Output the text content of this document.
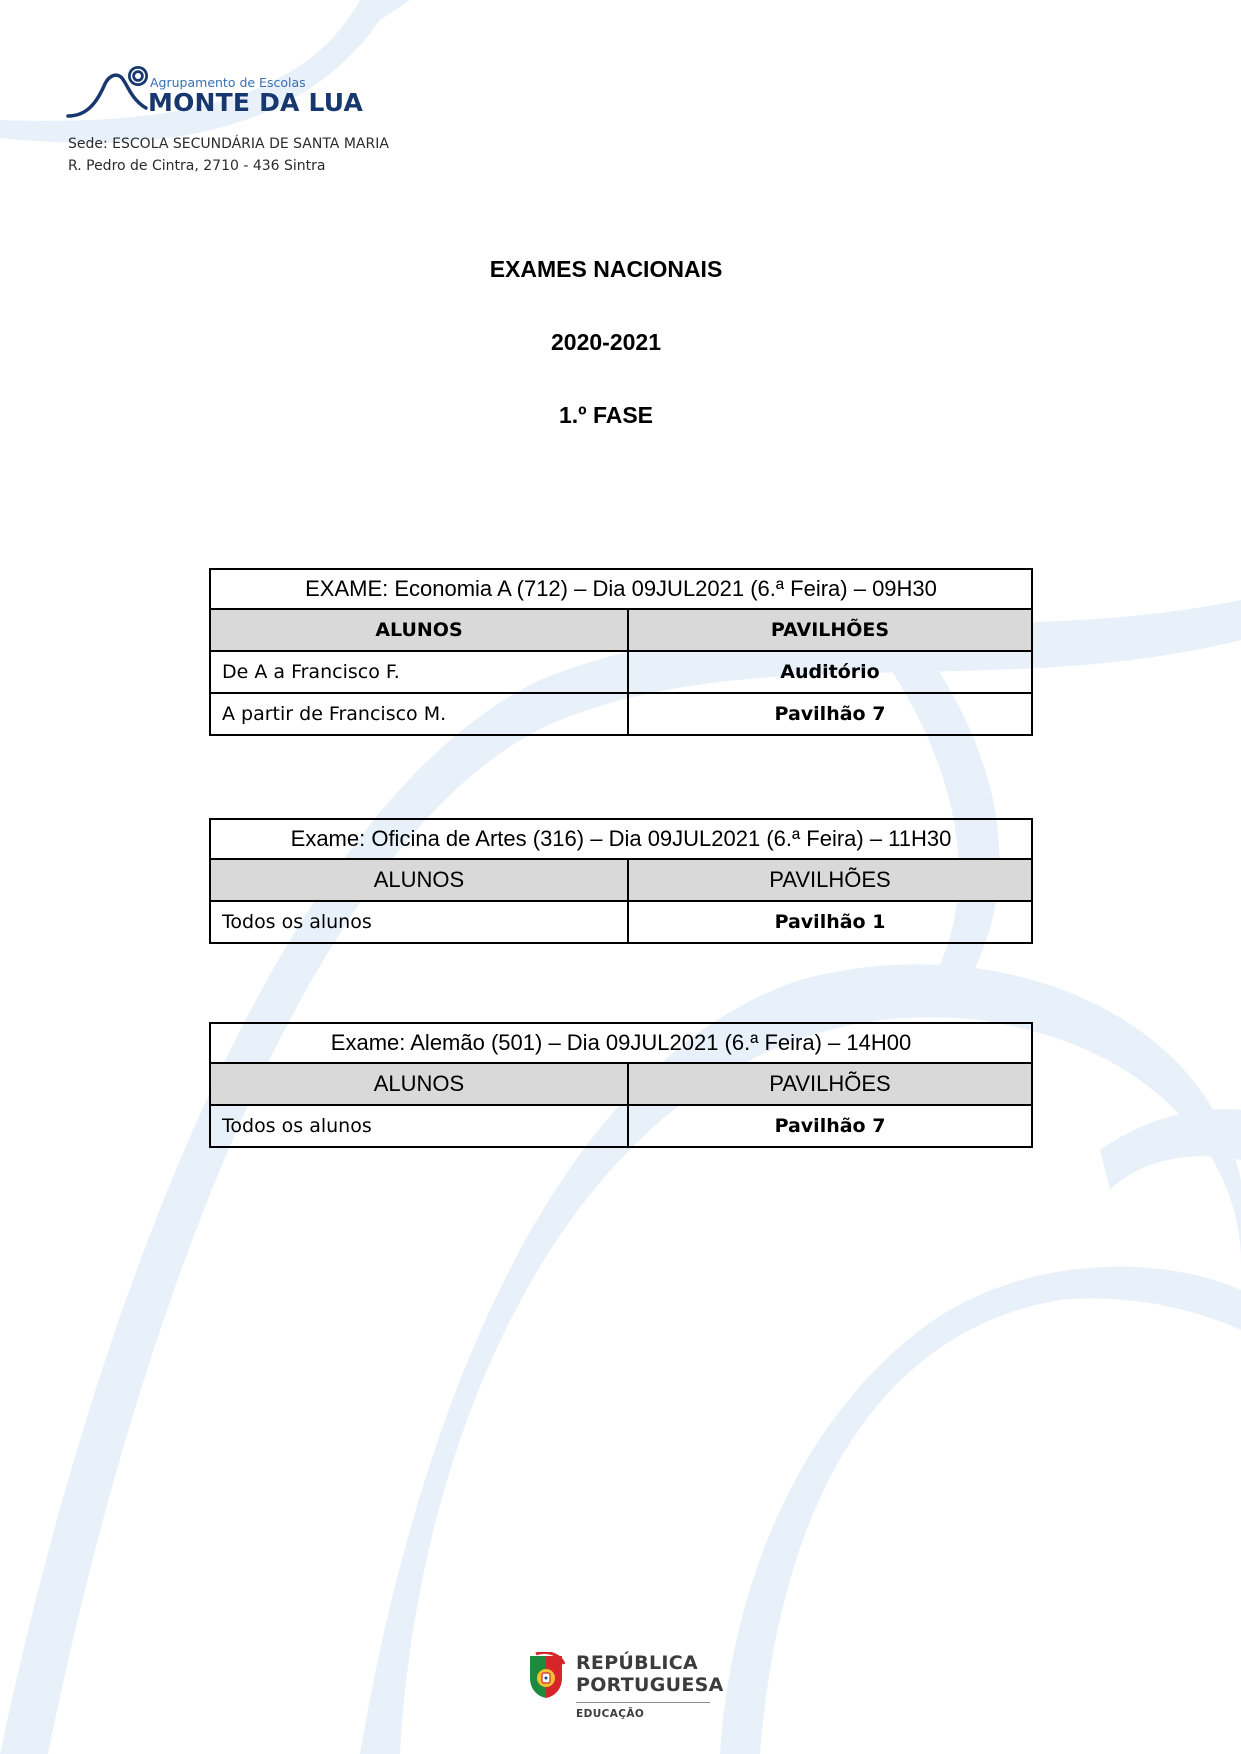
Agrupamento de Escolas
MONTE DA LUA
Sede: ESCOLA SECUNDÁRIA DE SANTA MARIA
R. Pedro de Cintra, 2710 - 436 Sintra
EXAMES NACIONAIS
2020-2021
1.º FASE
EXAME: Economia A (712) – Dia 09JUL2021 (6.ª Feira) – 09H30	
ALUNOS	PAVILHÕES
De A a Francisco F.	Auditório
A partir de Francisco M.	Pavilhão 7
Exame: Oficina de Artes (316) – Dia 09JUL2021 (6.ª Feira) – 11H30	
ALUNOS	PAVILHÕES
Todos os alunos	Pavilhão 1
Exame: Alemão (501) – Dia 09JUL2021 (6.ª Feira) – 14H00	
ALUNOS	PAVILHÕES
Todos os alunos	Pavilhão 7
REPÚBLICA
PORTUGUESA
EDUCAÇÃO
